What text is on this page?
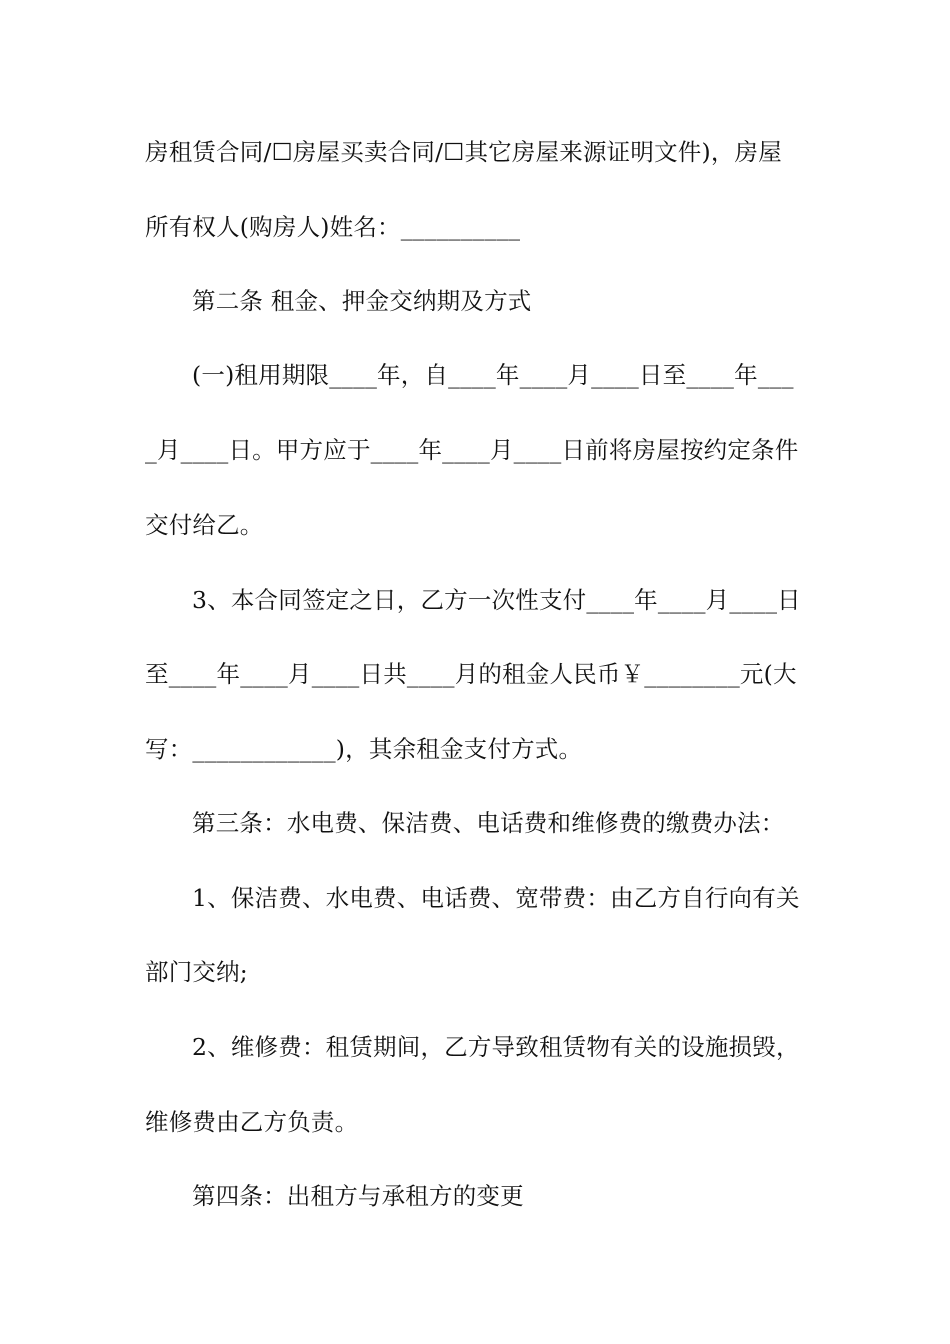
房租赁合同/☐房屋买卖合同/☐其它房屋来源证明文件)，房屋
所有权人(购房人)姓名：__________
第二条 租金、押金交纳期及方式
(一)租用期限____年，自____年____月____日至____年___
_月____日。甲方应于____年____月____日前将房屋按约定条件
交付给乙。
3、本合同签定之日，乙方一次性支付____年____月____日
至____年____月____日共____月的租金人民币￥________元(大
写：____________)，其余租金支付方式。
第三条：水电费、保洁费、电话费和维修费的缴费办法：
1、保洁费、水电费、电话费、宽带费：由乙方自行向有关
部门交纳;
2、维修费：租赁期间，乙方导致租赁物有关的设施损毁，
维修费由乙方负责。
第四条：出租方与承租方的变更
